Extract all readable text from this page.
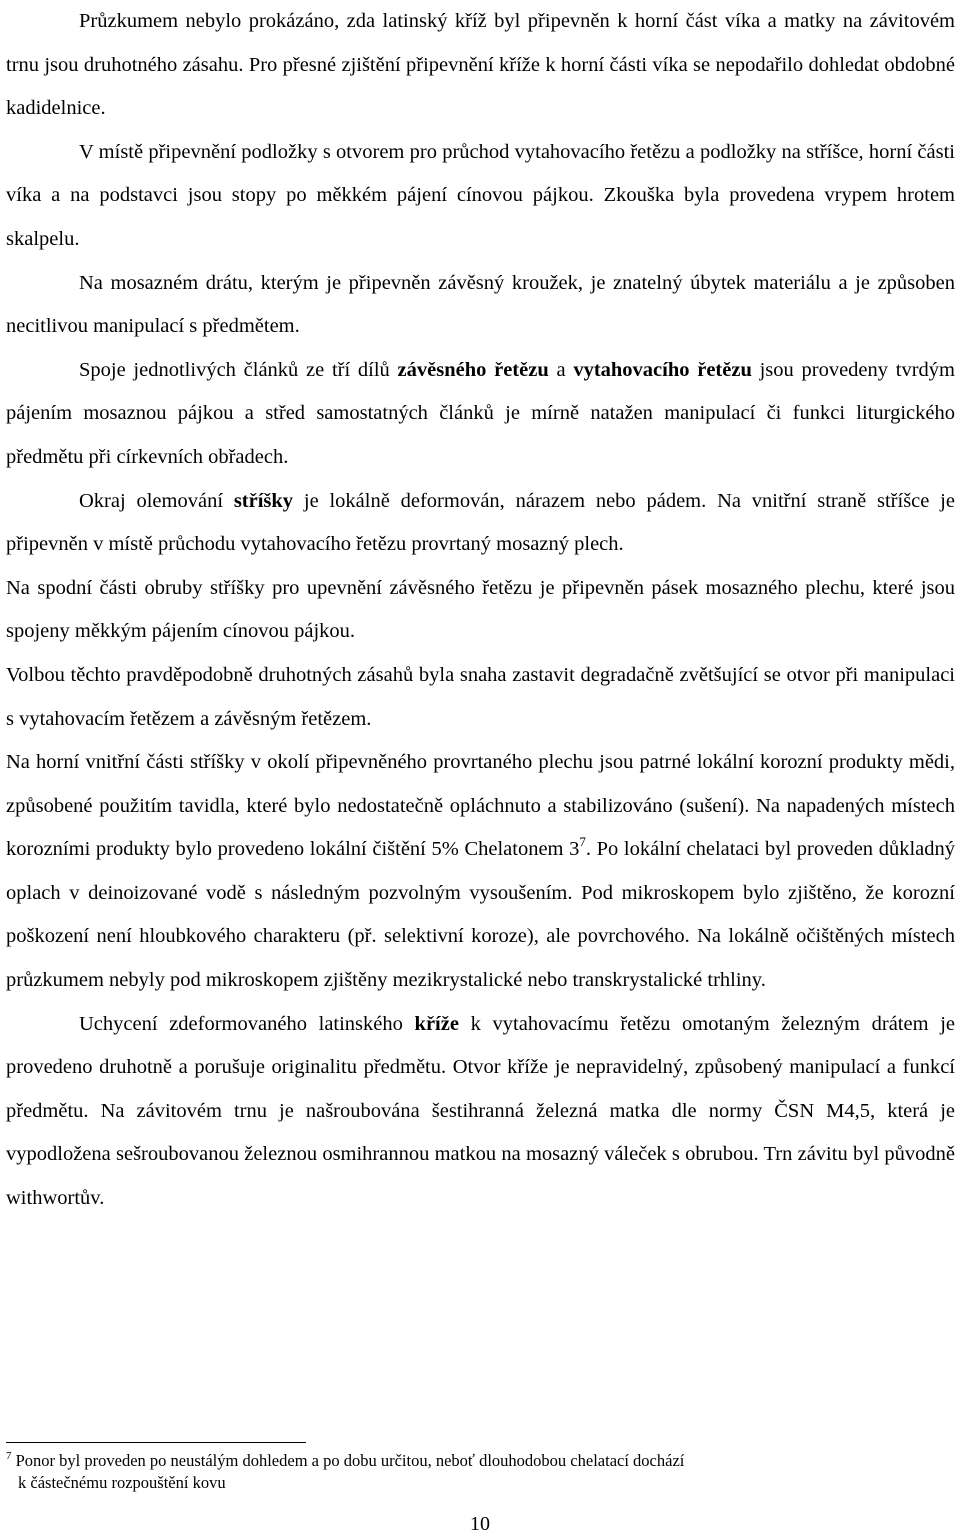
Průzkumem nebylo prokázáno, zda latinský kříž byl připevněn k horní část víka a matky na závitovém trnu jsou druhotného zásahu. Pro přesné zjištění připevnění kříže k horní části víka se nepodařilo dohledat obdobné kadidelnice.

V místě připevnění podložky s otvorem pro průchod vytahovacího řetězu a podložky na stříšce, horní části víka a na podstavci jsou stopy po měkkém pájení cínovou pájkou. Zkouška byla provedena vrypem hrotem skalpelu.

Na mosazném drátu, kterým je připevněn závěsný kroužek, je znatelný úbytek materiálu a je způsoben necitlivou manipulací s předmětem.

Spoje jednotlivých článků ze tří dílů závěsného řetězu a vytahovacího řetězu jsou provedeny tvrdým pájením mosaznou pájkou a střed samostatných článků je mírně natažen manipulací či funkci liturgického předmětu při církevních obřadech.

Okraj olemování stříšky je lokálně deformován, nárazem nebo pádem. Na vnitřní straně stříšce je připevněn v místě průchodu vytahovacího řetězu provrtaný mosazný plech.

Na spodní části obruby stříšky pro upevnění závěsného řetězu je připevněn pásek mosazného plechu, které jsou spojeny měkkým pájením cínovou pájkou.

Volbou těchto pravděpodobně druhotných zásahů byla snaha zastavit degradačně zvětšující se otvor při manipulaci s vytahovacím řetězem a závěsným řetězem.

Na horní vnitřní části stříšky v okolí připevněného provrtaného plechu jsou patrné lokální korozní produkty mědi, způsobené použitím tavidla, které bylo nedostatečně opláchnuto a stabilizováno (sušení). Na napadených místech korozními produkty bylo provedeno lokální čištění 5% Chelatonem $3^7$. Po lokální chelataci byl proveden důkladný oplach v deinoizované vodě s následným pozvolným vysoušením. Pod mikroskopem bylo zjištěno, že korozní poškození není hloubkového charakteru (př. selektivní koroze), ale povrchového. Na lokálně očištěných místech průzkumem nebyly pod mikroskopem zjištěny mezikrystalické nebo transkrystalické trhliny.

Uchycení zdeformovaného latinského kříže k vytahovacímu řetězu omotaným železným drátem je provedeno druhotně a porušuje originalitu předmětu. Otvor kříže je nepravidelný, způsobený manipulací a funkcí předmětu. Na závitovém trnu je našroubována šestihranná železná matka dle normy ČSN M4,5, která je vypodložena sešroubovanou železnou osmihrannou matkou na mosazný váleček s obrubou. Trn závitu byl původně withwortův.

$^7$ Ponor byl proveden po neustálým dohledem a po dobu určitou, neboť dlouhodobou chelatací dochází
k částečnému rozpouštění kovu
10
